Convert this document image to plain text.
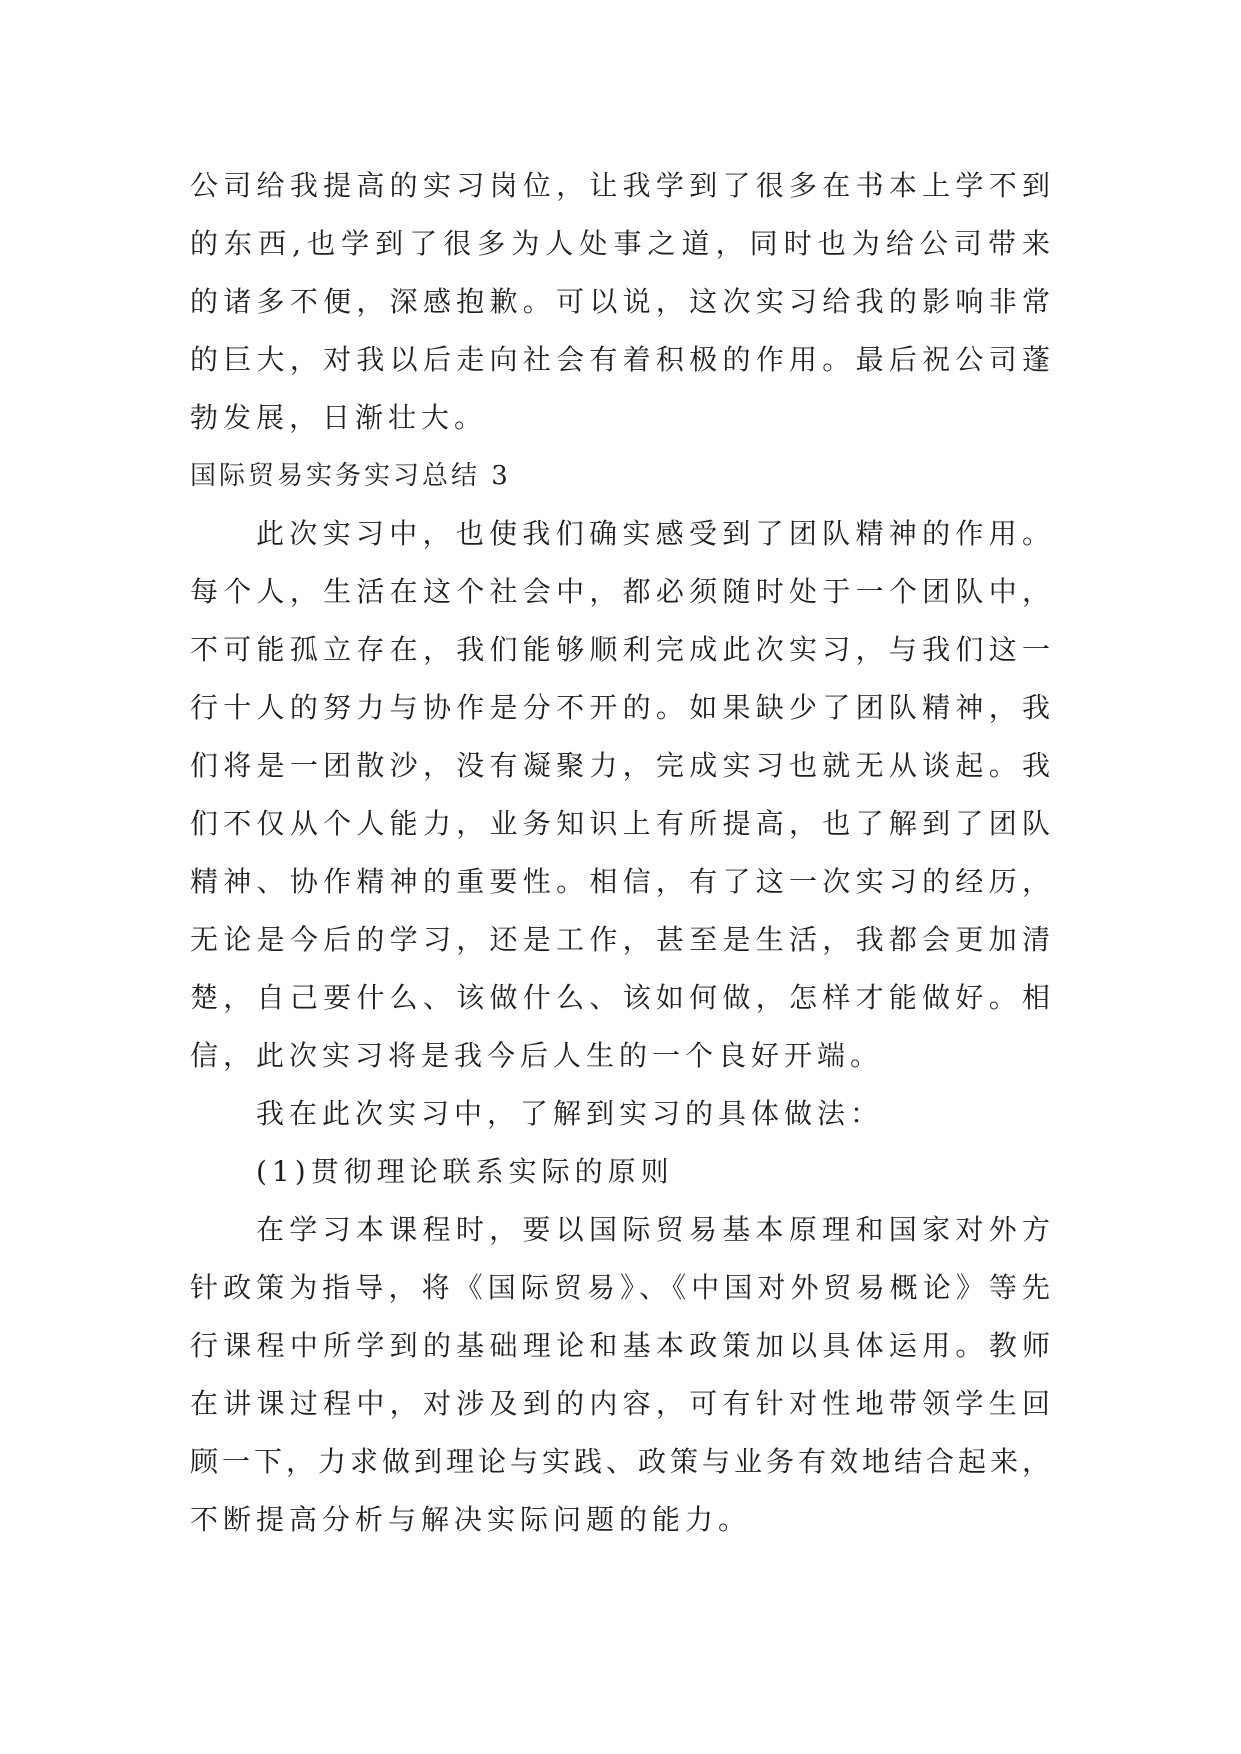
公司给我提高的实习岗位，让我学到了很多在书本上学不到
的东西,也学到了很多为人处事之道，同时也为给公司带来
的诸多不便，深感抱歉。可以说，这次实习给我的影响非常
的巨大，对我以后走向社会有着积极的作用。最后祝公司蓬
勃发展，日渐壮大。
国际贸易实务实习总结 3
此次实习中，也使我们确实感受到了团队精神的作用。
每个人，生活在这个社会中，都必须随时处于一个团队中，
不可能孤立存在，我们能够顺利完成此次实习，与我们这一
行十人的努力与协作是分不开的。如果缺少了团队精神，我
们将是一团散沙，没有凝聚力，完成实习也就无从谈起。我
们不仅从个人能力，业务知识上有所提高，也了解到了团队
精神、协作精神的重要性。相信，有了这一次实习的经历，
无论是今后的学习，还是工作，甚至是生活，我都会更加清
楚，自己要什么、该做什么、该如何做，怎样才能做好。相
信，此次实习将是我今后人生的一个良好开端。
我在此次实习中，了解到实习的具体做法：
(1)贯彻理论联系实际的原则
在学习本课程时，要以国际贸易基本原理和国家对外方
针政策为指导，将《国际贸易》、《中国对外贸易概论》等先
行课程中所学到的基础理论和基本政策加以具体运用。教师
在讲课过程中，对涉及到的内容，可有针对性地带领学生回
顾一下，力求做到理论与实践、政策与业务有效地结合起来，
不断提高分析与解决实际问题的能力。
